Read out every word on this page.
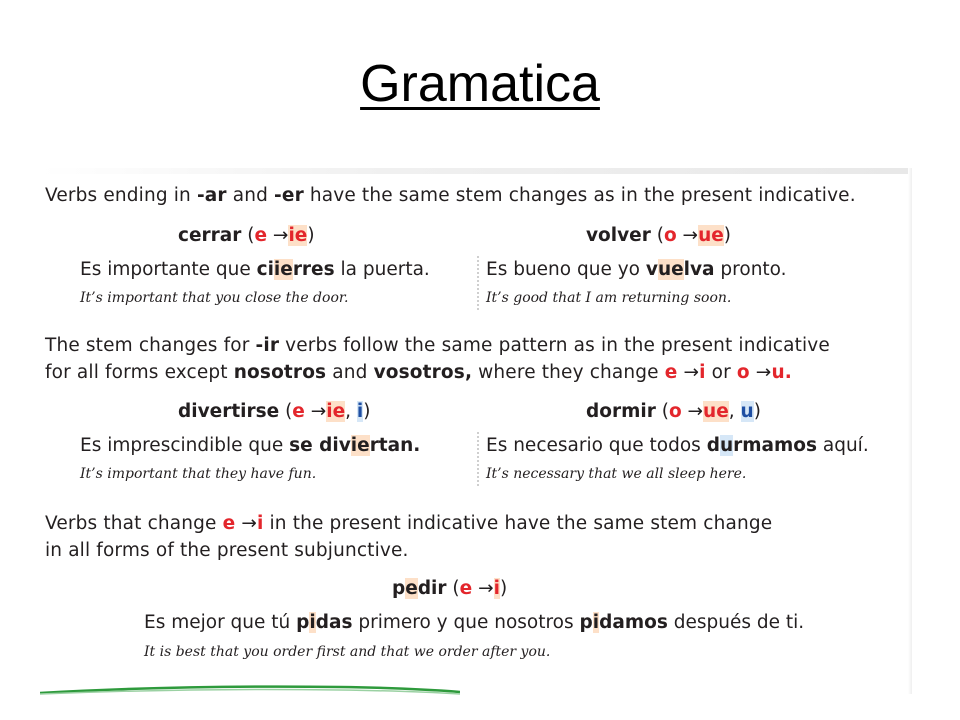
Gramatica
Verbs ending in -ar and -er have the same stem changes as in the present indicative.
cerrar (e →ie)	volver (o →ue)
Es importante que ciierres la puerta.	Es bueno que yo vuelva pronto.
It’s important that you close the door.	It’s good that I am returning soon.
The stem changes for -ir verbs follow the same pattern as in the present indicative
for all forms except nosotros and vosotros, where they change e →i or o →u.
divertirse (e →ie, i)	dormir (o →ue, u)
Es imprescindible que se diviertan.	Es necesario que todos durmamos aquí.
It’s important that they have fun.	It’s necessary that we all sleep here.
Verbs that change e →i in the present indicative have the same stem change
in all forms of the present subjunctive.
pedir (e →i)
Es mejor que tú pidas primero y que nosotros pidamos después de ti.
It is best that you order first and that we order after you.
